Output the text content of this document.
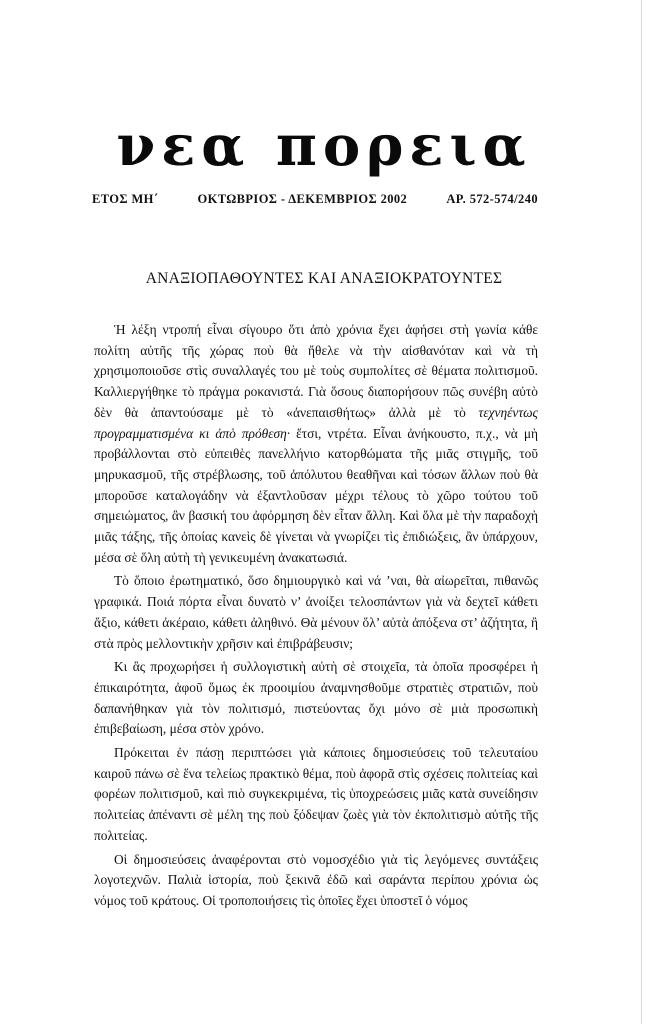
νεα πορεια
ΕΤΟΣ ΜΗ΄	ΟΚΤΩΒΡΙΟΣ - ΔΕΚΕΜΒΡΙΟΣ 2002	ΑΡ. 572-574/240
ΑΝΑΞΙΟΠΑΘΟΥΝΤΕΣ ΚΑΙ ΑΝΑΞΙΟΚΡΑΤΟΥΝΤΕΣ

Ἡ λέξη ντροπή εἶναι σίγουρο ὅτι ἀπὸ χρόνια ἔχει ἀφήσει στὴ γωνία κάθε πολίτη αὐτῆς τῆς χώρας ποὺ θὰ ἤθελε νὰ τὴν αἰσθανόταν καὶ νὰ τὴ χρησιμοποιοῦσε στὶς συναλλαγές του μὲ τοὺς συμπολίτες σὲ θέματα πολιτισμοῦ. Καλλιεργήθηκε τὸ πράγμα ροκανιστά. Γιὰ ὅσους διαπορήσουν πῶς συνέβη αὐτὸ δὲν θὰ ἀπαντούσαμε μὲ τὸ «ἀνεπαισθήτως» ἀλλὰ μὲ τὸ τεχνηέντως προγραμματισμένα κι ἀπὸ πρόθεση· ἔτσι, ντρέτα. Εἶναι ἀνήκουστο, π.χ., νὰ μὴ προβάλλονται στὸ εὐπειθὲς πανελλήνιο κατορθώματα τῆς μιᾶς στιγμῆς, τοῦ μηρυκασμοῦ, τῆς στρέβλωσης, τοῦ ἀπόλυτου θεαθῆναι καὶ τόσων ἄλλων ποὺ θὰ μποροῦσε καταλογάδην νὰ ἐξαντλοῦσαν μέχρι τέλους τὸ χῶρο τούτου τοῦ σημειώματος, ἂν βασική του ἀφόρμηση δὲν εἶταν ἄλλη. Καὶ ὅλα μὲ τὴν παραδοχὴ μιᾶς τάξης, τῆς ὁποίας κανεὶς δὲ γίνεται νὰ γνωρίζει τὶς ἐπιδιώξεις, ἂν ὑπάρχουν, μέσα σὲ ὅλη αὐτὴ τὴ γενικευμένη ἀνακατωσιά.

Τὸ ὅποιο ἐρωτηματικό, ὅσο δημιουργικὸ καὶ νά ’ναι, θὰ αἰωρεῖται, πιθανῶς γραφικά. Ποιά πόρτα εἶναι δυνατὸ ν’ ἀνοίξει τελοσπάντων γιὰ νὰ δεχτεῖ κάθετι ἄξιο, κάθετι ἀκέραιο, κάθετι ἀληθινό. Θὰ μένουν ὅλ’ αὐτὰ ἀπόξενα στ’ ἀζήτητα, ἢ στὰ πρὸς μελλοντικὴν χρῆσιν καὶ ἐπιβράβευσιν;

Κι ἂς προχωρήσει ἡ συλλογιστικὴ αὐτὴ σὲ στοιχεῖα, τὰ ὁποῖα προσφέρει ἡ ἐπικαιρότητα, ἀφοῦ ὅμως ἐκ προοιμίου ἀναμνησθοῦμε στρατιὲς στρατιῶν, ποὺ δαπανήθηκαν γιὰ τὸν πολιτισμό, πιστεύοντας ὄχι μόνο σὲ μιὰ προσωπικὴ ἐπιβεβαίωση, μέσα στὸν χρόνο.

Πρόκειται ἐν πάσῃ περιπτώσει γιὰ κάποιες δημοσιεύσεις τοῦ τελευταίου καιροῦ πάνω σὲ ἕνα τελείως πρακτικὸ θέμα, ποὺ ἀφορᾶ στὶς σχέσεις πολιτείας καὶ φορέων πολιτισμοῦ, καὶ πιὸ συγκεκριμένα, τὶς ὑποχρεώσεις μιᾶς κατὰ συνείδησιν πολιτείας ἀπέναντι σὲ μέλη της ποὺ ξόδεψαν ζωὲς γιὰ τὸν ἐκπολιτισμὸ αὐτῆς τῆς πολιτείας.

Οἱ δημοσιεύσεις ἀναφέρονται στὸ νομοσχέδιο γιὰ τὶς λεγόμενες συντάξεις λογοτεχνῶν. Παλιὰ ἱστορία, ποὺ ξεκινᾶ ἐδῶ καὶ σαράντα περίπου χρόνια ὡς νόμος τοῦ κράτους. Οἱ τροποποιήσεις τὶς ὁποῖες ἔχει ὑποστεῖ ὁ νόμος
